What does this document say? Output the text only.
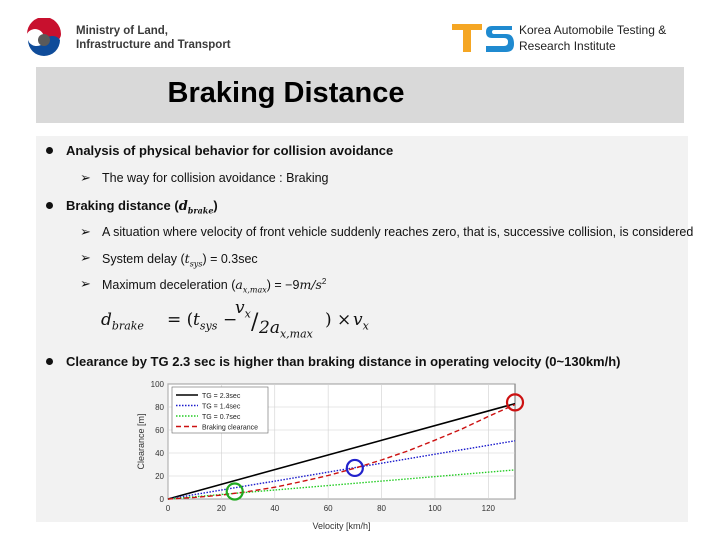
Ministry of Land,
Infrastructure and Transport
Korea Automobile Testing &
Research Institute
Braking Distance
Analysis of physical behavior for collision avoidance
➢ The way for collision avoidance : Braking
Braking distance $(d_{brake})$
➢ A situation where velocity of front vehicle suddenly reaches zero, that is, successive collision, is considered
➢ System delay $(t_{sys}) = 0.3\sec$
➢ Maximum deceleration $(a_{x,max}) = -9m/s^2$
$d_{brake}$ = ( $t_{sys}$ −
$v_x / 2a_{x,max}$
) × $v_x$
Clearance by TG 2.3 sec is higher than braking distance in operating velocity (0~130km/h)
0	20	40	60	80	100	120
0
20
40
60
80
100
Velocity [km/h]
Clearance [m]
TG = 2.3sec
TG = 1.4sec
TG = 0.7sec
Braking clearance
